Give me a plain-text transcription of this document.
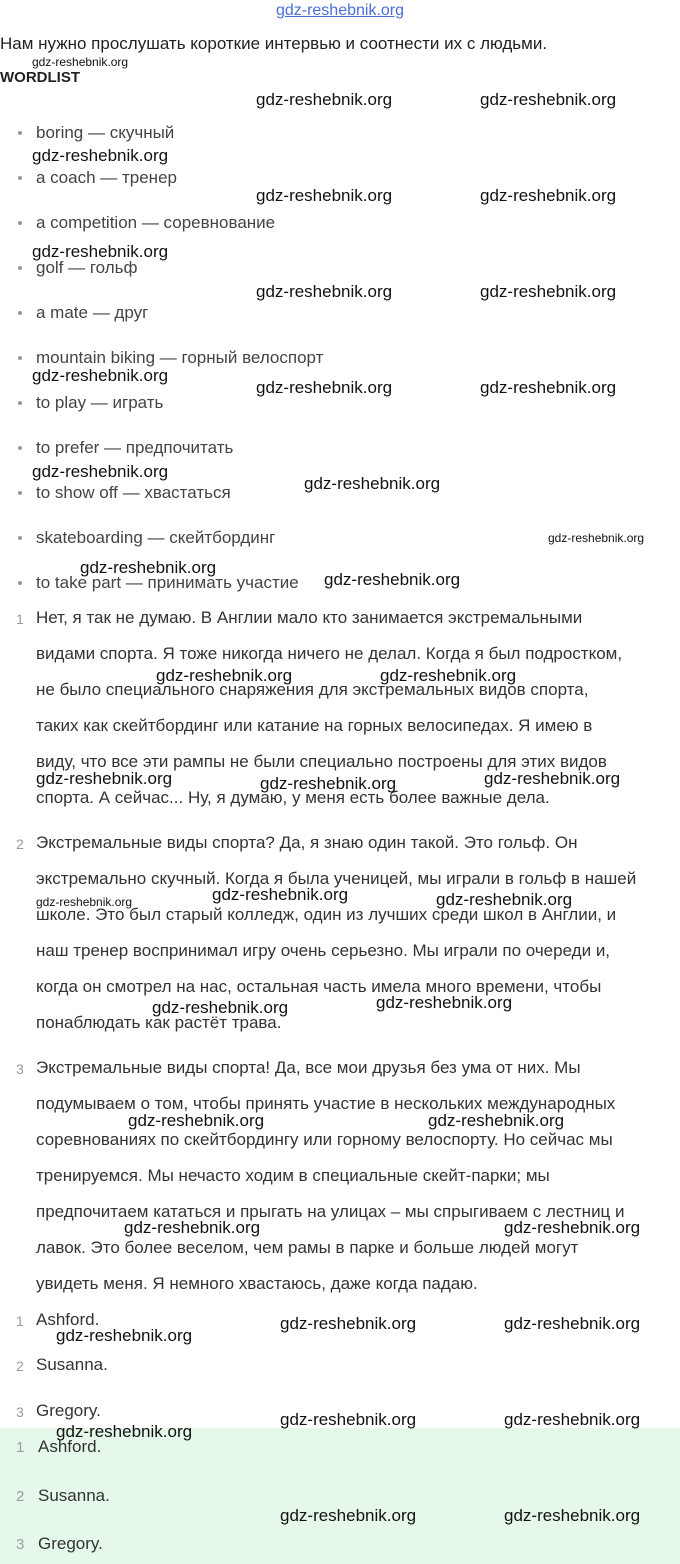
gdz-reshebnik.org
Нам нужно прослушать короткие интервью и соотнести их с людьми.
WORDLIST
boring — скучный
a coach — тренер
a competition — соревнование
golf — гольф
a mate — друг
mountain biking — горный велоспорт
to play — играть
to prefer — предпочитать
to show off — хвастаться
skateboarding — скейтбординг
to take part — принимать участие
1 Нет, я так не думаю. В Англии мало кто занимается экстремальными
видами спорта. Я тоже никогда ничего не делал. Когда я был подростком,
не было специального снаряжения для экстремальных видов спорта,
таких как скейтбординг или катание на горных велосипедах. Я имею в
виду, что все эти рампы не были специально построены для этих видов
спорта. А сейчас... Ну, я думаю, у меня есть более важные дела.
2 Экстремальные виды спорта? Да, я знаю один такой. Это гольф. Он
экстремально скучный. Когда я была ученицей, мы играли в гольф в нашей
школе. Это был старый колледж, один из лучших среди школ в Англии, и
наш тренер воспринимал игру очень серьезно. Мы играли по очереди и,
когда он смотрел на нас, остальная часть имела много времени, чтобы
понаблюдать как растёт трава.
3 Экстремальные виды спорта! Да, все мои друзья без ума от них. Мы
подумываем о том, чтобы принять участие в нескольких международных
соревнованиях по скейтбордингу или горному велоспорту. Но сейчас мы
тренируемся. Мы нечасто ходим в специальные скейт-парки; мы
предпочитаем кататься и прыгать на улицах – мы спрыгиваем с лестниц и
лавок. Это более веселом, чем рамы в парке и больше людей могут
увидеть меня. Я немного хвастаюсь, даже когда падаю.
1 Ashford.
2 Susanna.
3 Gregory.
1 Ashford.
2 Susanna.
3 Gregory.
gdz-reshebnik.org
gdz-reshebnik.org	gdz-reshebnik.org
gdz-reshebnik.org
gdz-reshebnik.org	gdz-reshebnik.org
gdz-reshebnik.org
gdz-reshebnik.org	gdz-reshebnik.org
gdz-reshebnik.org
gdz-reshebnik.org	gdz-reshebnik.org
gdz-reshebnik.org
gdz-reshebnik.org
gdz-reshebnik.org
gdz-reshebnik.org
gdz-reshebnik.org
gdz-reshebnik.org	gdz-reshebnik.org
gdz-reshebnik.org	gdz-reshebnik.org	gdz-reshebnik.org
gdz-reshebnik.org	gdz-reshebnik.org	gdz-reshebnik.org
gdz-reshebnik.org	gdz-reshebnik.org
gdz-reshebnik.org	gdz-reshebnik.org
gdz-reshebnik.org	gdz-reshebnik.org
gdz-reshebnik.org
gdz-reshebnik.org	gdz-reshebnik.org
gdz-reshebnik.org	gdz-reshebnik.org
gdz-reshebnik.org
gdz-reshebnik.org	gdz-reshebnik.org
